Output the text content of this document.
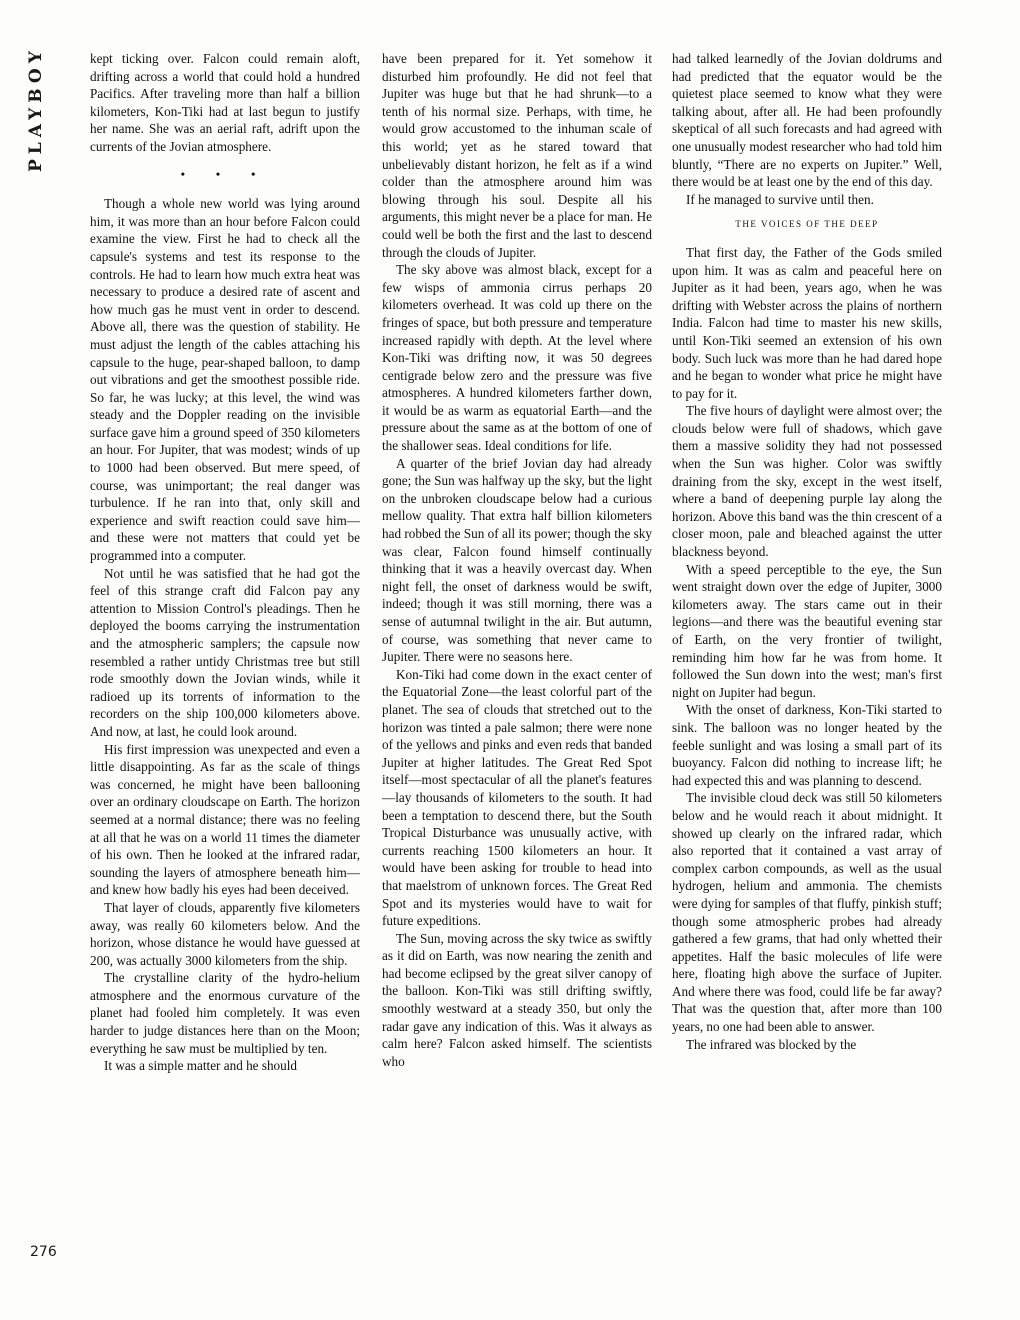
PLAYBOY	kept ticking over. Falcon could remain aloft, drifting across a world that could hold a hundred Pacifics. After traveling more than half a billion kilometers, Kon-Tiki had at last begun to justify her name. She was an aerial raft, adrift upon the currents of the Jovian atmosphere.

• • •

Though a whole new world was lying around him, it was more than an hour before Falcon could examine the view. First he had to check all the capsule's systems and test its response to the controls. He had to learn how much extra heat was necessary to produce a desired rate of ascent and how much gas he must vent in order to descend. Above all, there was the question of stability. He must adjust the length of the cables attaching his capsule to the huge, pear-shaped balloon, to damp out vibrations and get the smoothest possible ride. So far, he was lucky; at this level, the wind was steady and the Doppler reading on the invisible surface gave him a ground speed of 350 kilometers an hour. For Jupiter, that was modest; winds of up to 1000 had been observed. But mere speed, of course, was unimportant; the real danger was turbulence. If he ran into that, only skill and experience and swift reaction could save him—and these were not matters that could yet be programmed into a computer.

Not until he was satisfied that he had got the feel of this strange craft did Falcon pay any attention to Mission Control's pleadings. Then he deployed the booms carrying the instrumentation and the atmospheric samplers; the capsule now resembled a rather untidy Christmas tree but still rode smoothly down the Jovian winds, while it radioed up its torrents of information to the recorders on the ship 100,000 kilometers above. And now, at last, he could look around.

His first impression was unexpected and even a little disappointing. As far as the scale of things was concerned, he might have been ballooning over an ordinary cloudscape on Earth. The horizon seemed at a normal distance; there was no feeling at all that he was on a world 11 times the diameter of his own. Then he looked at the infrared radar, sounding the layers of atmosphere beneath him—and knew how badly his eyes had been deceived.

That layer of clouds, apparently five kilometers away, was really 60 kilometers below. And the horizon, whose distance he would have guessed at 200, was actually 3000 kilometers from the ship.

The crystalline clarity of the hydro-helium atmosphere and the enormous curvature of the planet had fooled him completely. It was even harder to judge distances here than on the Moon; everything he saw must be multiplied by ten.

It was a simple matter and he should

have been prepared for it. Yet somehow it disturbed him profoundly. He did not feel that Jupiter was huge but that he had shrunk—to a tenth of his normal size. Perhaps, with time, he would grow accustomed to the inhuman scale of this world; yet as he stared toward that unbelievably distant horizon, he felt as if a wind colder than the atmosphere around him was blowing through his soul. Despite all his arguments, this might never be a place for man. He could well be both the first and the last to descend through the clouds of Jupiter.

The sky above was almost black, except for a few wisps of ammonia cirrus perhaps 20 kilometers overhead. It was cold up there on the fringes of space, but both pressure and temperature increased rapidly with depth. At the level where Kon-Tiki was drifting now, it was 50 degrees centigrade below zero and the pressure was five atmospheres. A hundred kilometers farther down, it would be as warm as equatorial Earth—and the pressure about the same as at the bottom of one of the shallower seas. Ideal conditions for life.

A quarter of the brief Jovian day had already gone; the Sun was halfway up the sky, but the light on the unbroken cloudscape below had a curious mellow quality. That extra half billion kilometers had robbed the Sun of all its power; though the sky was clear, Falcon found himself continually thinking that it was a heavily overcast day. When night fell, the onset of darkness would be swift, indeed; though it was still morning, there was a sense of autumnal twilight in the air. But autumn, of course, was something that never came to Jupiter. There were no seasons here.

Kon-Tiki had come down in the exact center of the Equatorial Zone—the least colorful part of the planet. The sea of clouds that stretched out to the horizon was tinted a pale salmon; there were none of the yellows and pinks and even reds that banded Jupiter at higher latitudes. The Great Red Spot itself—most spectacular of all the planet's features—lay thousands of kilometers to the south. It had been a temptation to descend there, but the South Tropical Disturbance was unusually active, with currents reaching 1500 kilometers an hour. It would have been asking for trouble to head into that maelstrom of unknown forces. The Great Red Spot and its mysteries would have to wait for future expeditions.

The Sun, moving across the sky twice as swiftly as it did on Earth, was now nearing the zenith and had become eclipsed by the great silver canopy of the balloon. Kon-Tiki was still drifting swiftly, smoothly westward at a steady 350, but only the radar gave any indication of this. Was it always as calm here? Falcon asked himself. The scientists who

had talked learnedly of the Jovian doldrums and had predicted that the equator would be the quietest place seemed to know what they were talking about, after all. He had been profoundly skeptical of all such forecasts and had agreed with one unusually modest researcher who had told him bluntly, “There are no experts on Jupiter.” Well, there would be at least one by the end of this day.

If he managed to survive until then.

THE VOICES OF THE DEEP

That first day, the Father of the Gods smiled upon him. It was as calm and peaceful here on Jupiter as it had been, years ago, when he was drifting with Webster across the plains of northern India. Falcon had time to master his new skills, until Kon-Tiki seemed an extension of his own body. Such luck was more than he had dared hope and he began to wonder what price he might have to pay for it.

The five hours of daylight were almost over; the clouds below were full of shadows, which gave them a massive solidity they had not possessed when the Sun was higher. Color was swiftly draining from the sky, except in the west itself, where a band of deepening purple lay along the horizon. Above this band was the thin crescent of a closer moon, pale and bleached against the utter blackness beyond.

With a speed perceptible to the eye, the Sun went straight down over the edge of Jupiter, 3000 kilometers away. The stars came out in their legions—and there was the beautiful evening star of Earth, on the very frontier of twilight, reminding him how far he was from home. It followed the Sun down into the west; man's first night on Jupiter had begun.

With the onset of darkness, Kon-Tiki started to sink. The balloon was no longer heated by the feeble sunlight and was losing a small part of its buoyancy. Falcon did nothing to increase lift; he had expected this and was planning to descend.

The invisible cloud deck was still 50 kilometers below and he would reach it about midnight. It showed up clearly on the infrared radar, which also reported that it contained a vast array of complex carbon compounds, as well as the usual hydrogen, helium and ammonia. The chemists were dying for samples of that fluffy, pinkish stuff; though some atmospheric probes had already gathered a few grams, that had only whetted their appetites. Half the basic molecules of life were here, floating high above the surface of Jupiter. And where there was food, could life be far away? That was the question that, after more than 100 years, no one had been able to answer.

The infrared was blocked by the

276
